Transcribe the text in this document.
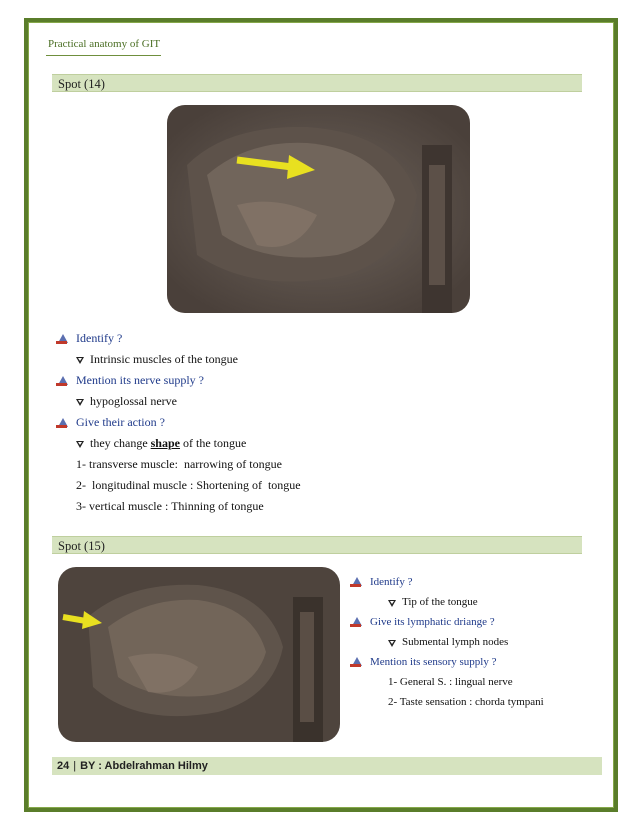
Practical anatomy of GIT
Spot (14)
Identify ?
Intrinsic muscles of the tongue
Mention its nerve supply ?
hypoglossal nerve
Give their action ?
they change shape of the tongue
1- transverse muscle:  narrowing of tongue
2-  longitudinal muscle : Shortening of  tongue
3- vertical muscle : Thinning of tongue
Spot (15)
Identify ?
Tip of the tongue
Give its lymphatic driange ?
Submental lymph nodes
Mention its sensory supply ?
1- General S. : lingual nerve
2- Taste sensation : chorda tympani
24 | BY : Abdelrahman Hilmy
